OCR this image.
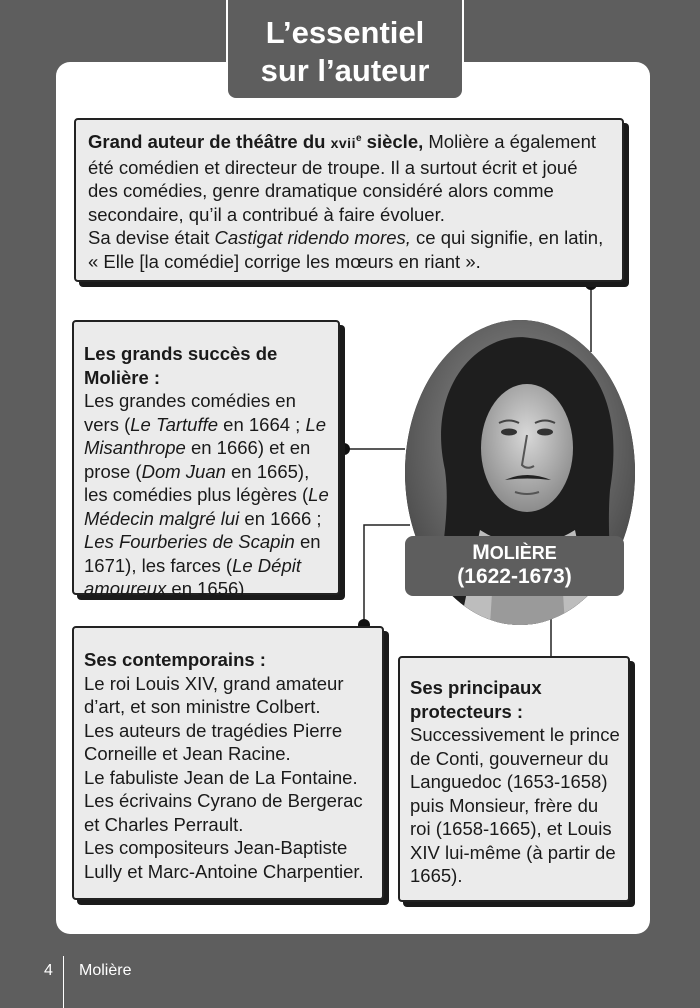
L’essentiel
sur l’auteur
Grand auteur de théâtre du xvii$^e$ siècle, Molière a également été comédien et directeur de troupe. Il a surtout écrit et joué des comédies, genre dramatique considéré alors comme secondaire, qu’il a contribué à faire évoluer.
Sa devise était Castigat ridendo mores, ce qui signifie, en latin, « Elle [la comédie] corrige les mœurs en riant ».
Les grands succès de Molière :
Les grandes comédies en vers (Le Tartuffe en 1664 ; Le Misanthrope en 1666) et en prose (Dom Juan en 1665), les comédies plus légères (Le Médecin malgré lui en 1666 ; Les Fourberies de Scapin en 1671), les farces (Le Dépit amoureux en 1656)
Ses contemporains :
Le roi Louis XIV, grand amateur d’art, et son ministre Colbert.
Les auteurs de tragédies Pierre Corneille et Jean Racine.
Le fabuliste Jean de La Fontaine.
Les écrivains Cyrano de Bergerac et Charles Perrault.
Les compositeurs Jean-Baptiste Lully et Marc-Antoine Charpentier.
Ses principaux protecteurs :
Successivement le prince de Conti, gouverneur du Languedoc (1653-1658) puis Monsieur, frère du roi (1658-1665), et Louis XIV lui-même (à partir de 1665).
MOLIÈRE
(1622-1673)
4 Molière
